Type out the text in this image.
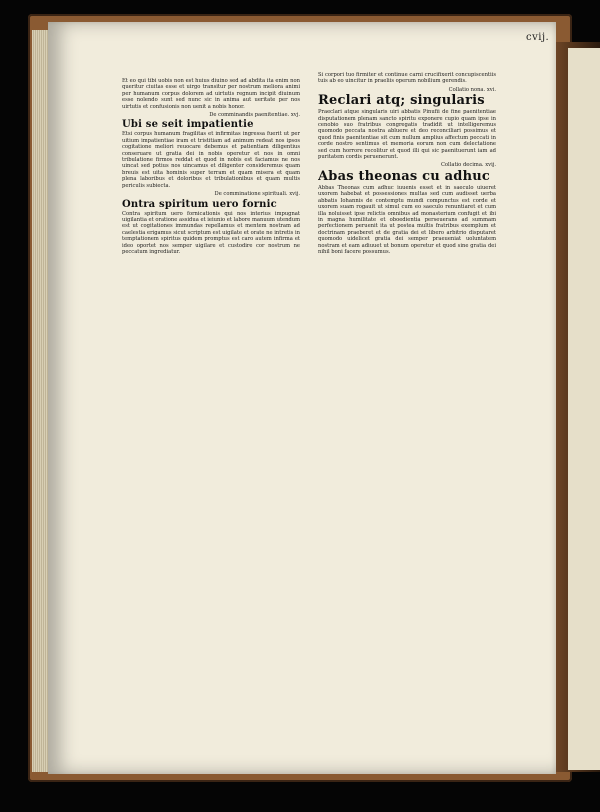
cvij.

Et eo qui tibi uobis non est huius diuino sed ad abdita ita enim non queritur ciuitas esse et uirgo transitur per nostrum meliora animi per humanum corpus dolorem ad uirtutis regnum incipit diuinum esse nolendo sunt sed nunc sic in anima aut ueritate per nos uirtutis et confusionis non uenit a nobis honor.

De comminandis paenitentiae. xvj.
Ubi se seit impatientie

Etsi corpus humanum fragilitas et infirmitas ingressa fuerit ut per uitium impatientiae iram et tristitiam ad animum redeat nos ipsos cogitatione meliori reuocare debemus et patientiam diligentius conseruare ut gratia dei in nobis operetur et nos in omni tribulatione firmos reddat et quod in nobis est faciamus ne nos uincat sed potius nos uincamus et diligenter consideremus quam breuis est uita hominis super terram et quam misera et quam plena laboribus et doloribus et tribulationibus et quam multis periculis subiecta.

De comminatione spirituali. xvij.
Ontra spiritum uero fornic

Contra spiritum uero fornicationis qui nos interius impugnat uigilantia et oratione assidua et ieiunio et labore manuum utendum est ut cogitationes immundas repellamus et mentem nostram ad caelestia erigamus sicut scriptum est uigilate et orate ne intretis in temptationem spiritus quidem promptus est caro autem infirma et ideo oportet nos semper uigilare et custodire cor nostrum ne peccatum ingrediatur.

Si corpori tuo firmiter et continue carni crucifixerit concupiscentiis tuis ab eo uincitur in praeliis operum nobilium gerendis.

Collatio nona. xvi.
Reclari atq; singularis

Praeclari atque singularis uiri abbatis Pinufii de fine paenitentiae disputationem plenam sancto spiritu exponere cupio quam ipse in cenobio suo fratribus congregatis tradidit ut intelligeremus quomodo peccata nostra abluere et deo reconciliari possimus et quod finis paenitentiae sit cum nullum amplius affectum peccati in corde nostro sentimus et memoria eorum non cum delectatione sed cum horrore recolitur et quod illi qui sic paenituerunt iam ad puritatem cordis peruenerunt.

Collatio decima. xvij.
Abas theonas cu adhuc

Abbas Theonas cum adhuc iuuenis esset et in saeculo uiueret uxorem habebat et possessiones multas sed cum audisset uerba abbatis Iohannis de contemptu mundi compunctus est corde et uxorem suam rogauit ut simul cum eo saeculo renuntiaret et cum illa noluisset ipse relictis omnibus ad monasterium confugit et ibi in magna humilitate et oboedientia perseuerans ad summam perfectionem peruenit ita ut postea multis fratribus exemplum et doctrinam praeberet et de gratia dei et libero arbitrio disputaret quomodo uidelicet gratia dei semper praeueniat uoluntatem nostram et eam adiuuet ut bonum operetur et quod sine gratia dei nihil boni facere possumus.
